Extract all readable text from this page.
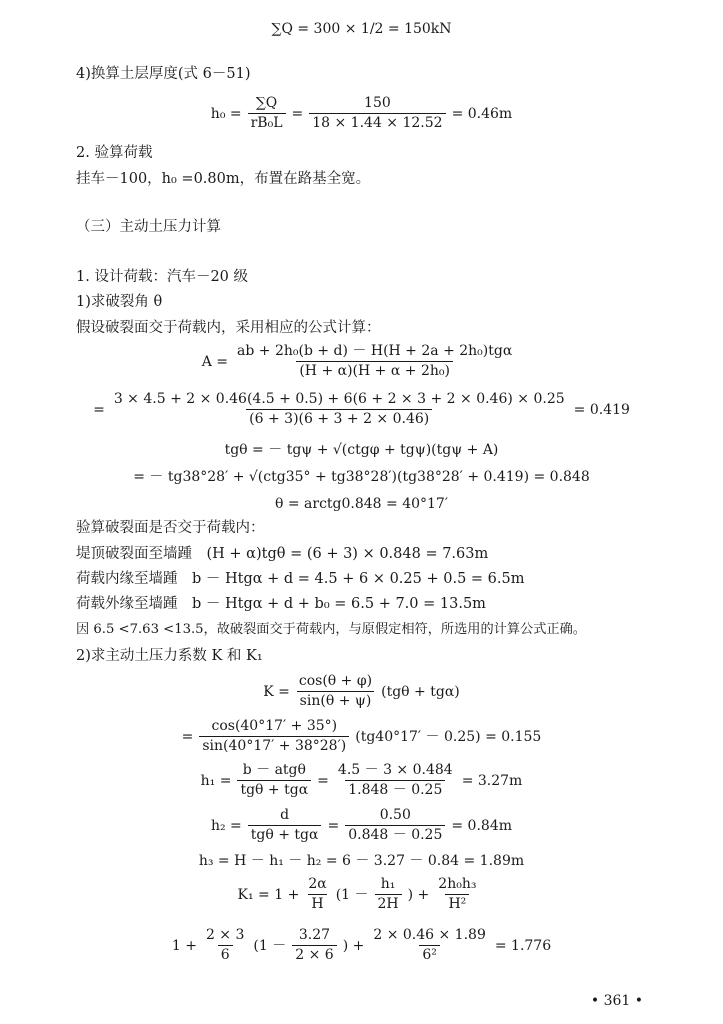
∑Q = 300 × 1/2 = 150kN
4)换算土层厚度(式 6－51)
$h_0 = \frac{\sum Q}{\text{rB₀L}} = \frac{150}{18 \times 1.44 \times 12.52} = 0.46m$
2. 验算荷载
挂车－100，h₀ =0.80m，布置在路基全宽。
（三）主动土压力计算
1. 设计荷载：汽车－20 级
1)求破裂角 θ
假设破裂面交于荷载内，采用相应的公式计算：
$A = \frac{\text{ab + 2h₀(b + d) － H(H + 2a + 2h₀)tgα}}{\text{(H + α)(H + α + 2h₀)}}$
=
3 × 4.5 + 2 × 0.46(4.5 + 0.5) + 6(6 + 2 × 3 + 2 × 0.46) × 0.25
(6 + 3)(6 + 3 + 2 × 0.46)
= 0.419
tgθ = － tgψ + √(ctgφ + tgψ)(tgψ + A)
= － tg38°28′ + √(ctg35° + tg38°28′)(tg38°28′ + 0.419) = 0.848
θ = arctg0.848 = 40°17′
验算破裂面是否交于荷载内：
堤顶破裂面至墙踵　(H + α)tgθ = (6 + 3) × 0.848 = 7.63m
荷载内缘至墙踵　b － Htgα + d = 4.5 + 6 × 0.25 + 0.5 = 6.5m
荷载外缘至墙踵　b － Htgα + d + b₀ = 6.5 + 7.0 = 13.5m
因 6.5 <7.63 <13.5，故破裂面交于荷载内，与原假定相符，所选用的计算公式正确。
2)求主动土压力系数 K 和 K₁
$K = \frac{\cos(\theta + \varphi)}{\sin(\theta + \psi)} (tg\theta + tg\alpha)$
= $\frac{\cos(40^\circ 17' + 35^\circ)}{\sin(40^\circ 17' + 38^\circ 28')} (tg40^\circ 17' - 0.25) = 0.155$
$h_1 = \frac{\text{b － atgθ}}{\text{tgθ + tgα}} = \frac{4.5 - 3 \times 0.484}{1.848 - 0.25} = 3.27m$
$h_2 = \frac{d}{\text{tgθ + tgα}} = \frac{0.50}{0.848 - 0.25} = 0.84m$
h₃ = H － h₁ － h₂ = 6 － 3.27 － 0.84 = 1.89m
$K_1 = 1 + \frac{2\alpha}{H} (1 - \frac{\text{h₁}}{2H}$ ) + $\frac{\text{2h₀h₃}}{\text{H²}}$
$1 + \frac{2 \times 3}{6} (1 - \frac{3.27}{2 \times 6}$ ) + $\frac{2 \times 0.46 \times 1.89}{\text{6²}} = 1.776$
• 361 •
